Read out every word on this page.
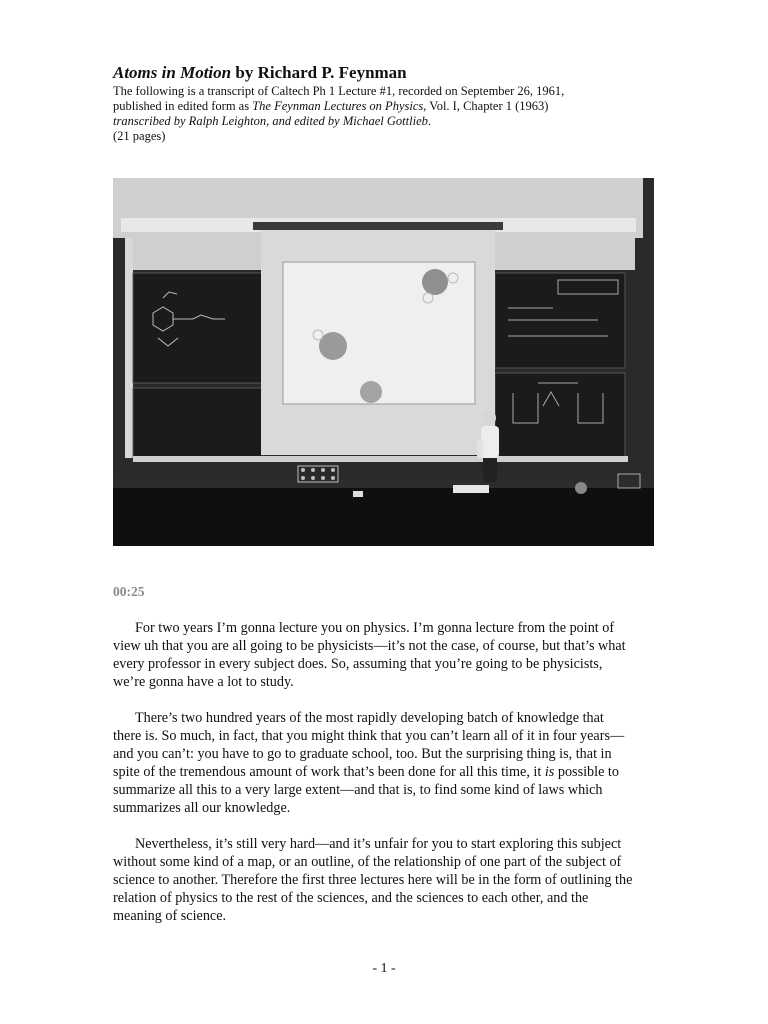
Atoms in Motion by Richard P. Feynman

The following is a transcript of Caltech Ph 1 Lecture #1, recorded on September 26, 1961,

published in edited form as The Feynman Lectures on Physics, Vol. I, Chapter 1 (1963)

transcribed by Ralph Leighton, and edited by Michael Gottlieb.

(21 pages)

00:25

For two years I’m gonna lecture you on physics. I’m gonna lecture from the point of view uh that you are all going to be physicists—it’s not the case, of course, but that’s what every professor in every subject does. So, assuming that you’re going to be physicists, we’re gonna have a lot to study.

There’s two hundred years of the most rapidly developing batch of knowledge that there is. So much, in fact, that you might think that you can’t learn all of it in four years—and you can’t: you have to go to graduate school, too. But the surprising thing is, that in spite of the tremendous amount of work that’s been done for all this time, it is possible to summarize all this to a very large extent—and that is, to find some kind of laws which summarizes all our knowledge.

Nevertheless, it’s still very hard—and it’s unfair for you to start exploring this subject without some kind of a map, or an outline, of the relationship of one part of the subject of science to another. Therefore the first three lectures here will be in the form of outlining the relation of physics to the rest of the sciences, and the sciences to each other, and the meaning of science.

- 1 -
